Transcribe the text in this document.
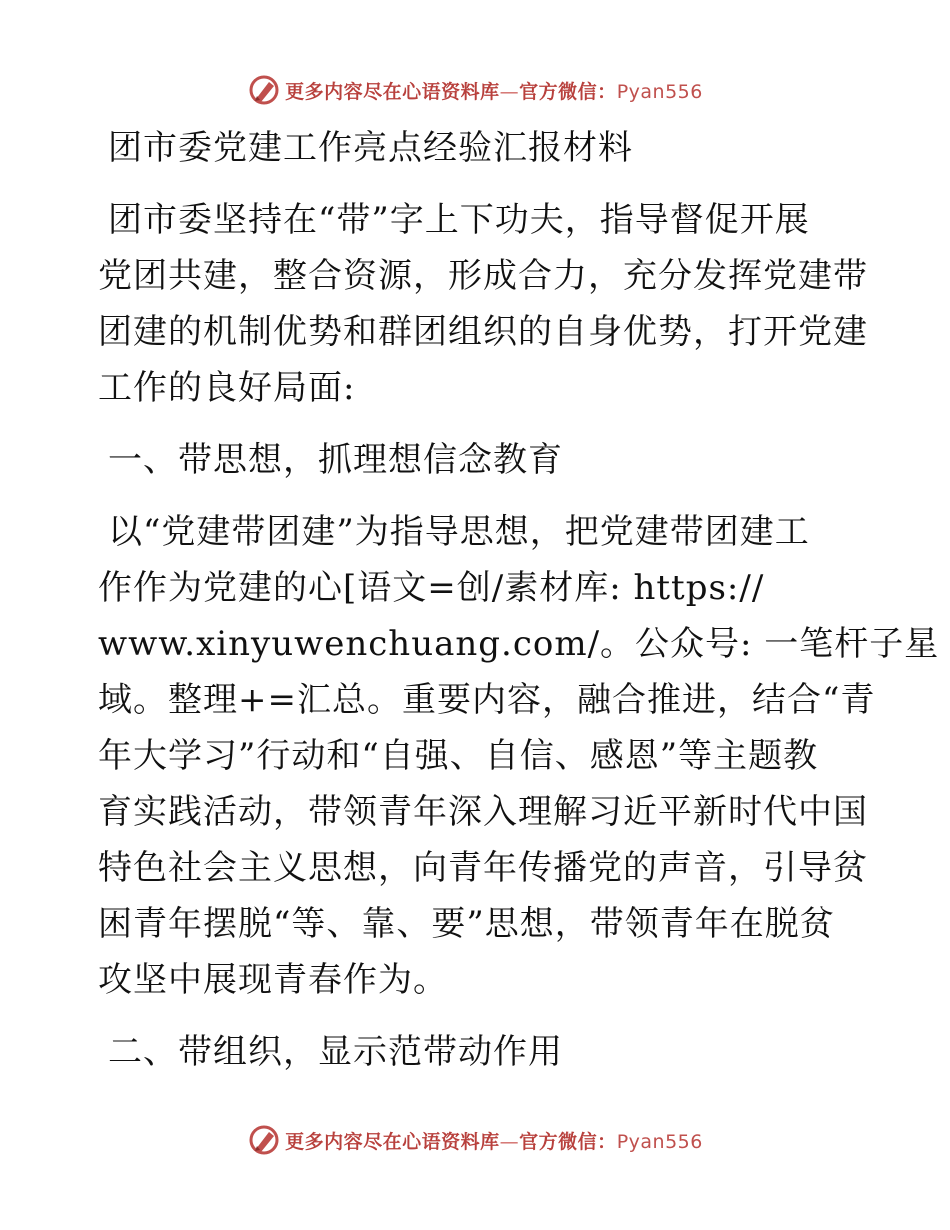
更多内容尽在心语资料库—官方微信：Pyan556
团市委党建工作亮点经验汇报材料
团市委坚持在“带”字上下功夫，指导督促开展
党团共建，整合资源，形成合力，充分发挥党建带
团建的机制优势和群团组织的自身优势，打开党建
工作的良好局面:
一、带思想，抓理想信念教育
以“党建带团建”为指导思想，把党建带团建工
作作为党建的心[语文=创/素材库: https://
www.xinyuwenchuang.com/。公众号: 一笔杆子星
域。整理+=汇总。重要内容，融合推进，结合“青
年大学习”行动和“自强、自信、感恩”等主题教
育实践活动，带领青年深入理解习近平新时代中国
特色社会主义思想，向青年传播党的声音，引导贫
困青年摆脱“等、靠、要”思想，带领青年在脱贫
攻坚中展现青春作为。
二、带组织，显示范带动作用
更多内容尽在心语资料库—官方微信：Pyan556
